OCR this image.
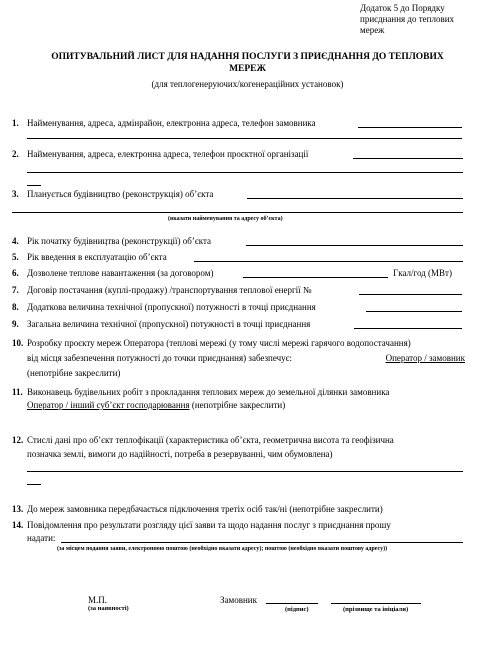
Додаток 5 до Порядку
приєднання до теплових
мереж
ОПИТУВАЛЬНИЙ ЛИСТ ДЛЯ НАДАННЯ ПОСЛУГИ З ПРИЄДНАННЯ ДО ТЕПЛОВИХ
МЕРЕЖ
(для теплогенеруючих/когенераційних установок)
1. Найменування, адреса, адмінрайон, електронна адреса, телефон замовника
2. Найменування, адреса, електронна адреса, телефон проєктної організації
3. Планується будівництво (реконструкція) об’єкта
(вказати найменування та адресу об’єкта)
4. Рік початку будівництва (реконструкції) об’єкта
5. Рік введення в експлуатацію об’єкта
6. Дозволене теплове навантаження (за договором)	Гкал/год (МВт)
7. Договір постачання (куплі-продажу) /транспортування теплової енергії №
8. Додаткова величина технічної (пропускної) потужності в точці приєднання
9. Загальна величина технічної (пропускної) потужності в точці приєднання
10. Розробку проєкту мереж Оператора (теплові мережі (у тому числі мережі гарячого водопостачання)
від місця забезпечення потужності до точки приєднання) забезпечує:	Оператор / замовник
(непотрібне закреслити)
11. Виконавець будівельних робіт з прокладання теплових мереж до земельної ділянки замовника
Оператор / інший суб’єкт господарювання (непотрібне закреслити)
12. Стислі дані про об’єкт теплофікації (характеристика об’єкта, геометрична висота та геофізична
позначка землі, вимоги до надійності, потреба в резервуванні, чим обумовлена)
13. До мереж замовника передбачається підключення третіх осіб так/ні (непотрібне закреслити)
14. Повідомлення про результати розгляду цієї заяви та щодо надання послуг з приєднання прошу
надати:
(за місцем подання заяви, електронною поштою (необхідно вказати адресу); поштою (необхідно вказати поштову адресу))
М.П.
(за наявності)
Замовник
(підпис)	(прізвище та ініціали)
